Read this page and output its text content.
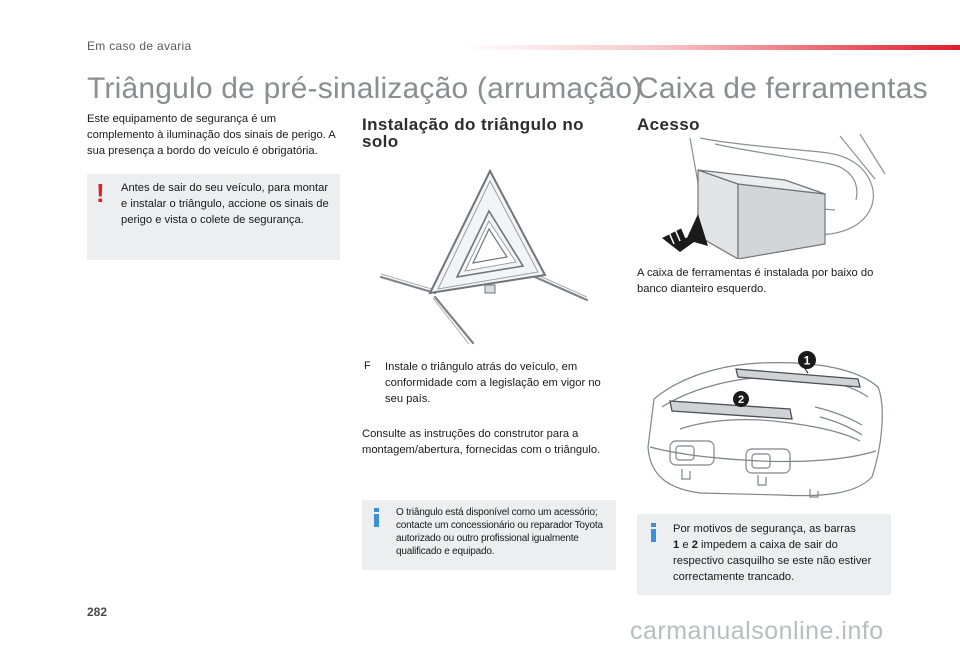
Em caso de avaria
Triângulo de pré-sinalização (arrumação)
Caixa de ferramentas
Este equipamento de segurança é um complemento à iluminação dos sinais de perigo. A sua presença a bordo do veículo é obrigatória.
! Antes de sair do seu veículo, para montar e instalar o triângulo, accione os sinais de perigo e vista o colete de segurança.
Instalação do triângulo no solo
F Instale o triângulo atrás do veículo, em conformidade com a legislação em vigor no seu país.
Consulte as instruções do construtor para a montagem/abertura, fornecidas com o triângulo.
O triângulo está disponível como um acessório; contacte um concessionário ou reparador Toyota autorizado ou outro profissional igualmente qualificado e equipado.
Acesso
A caixa de ferramentas é instalada por baixo do banco dianteiro esquerdo.
1
2
Por motivos de segurança, as barras
1 e 2 impedem a caixa de sair do respectivo casquilho se este não estiver correctamente trancado.
282
carmanualsonline.info
